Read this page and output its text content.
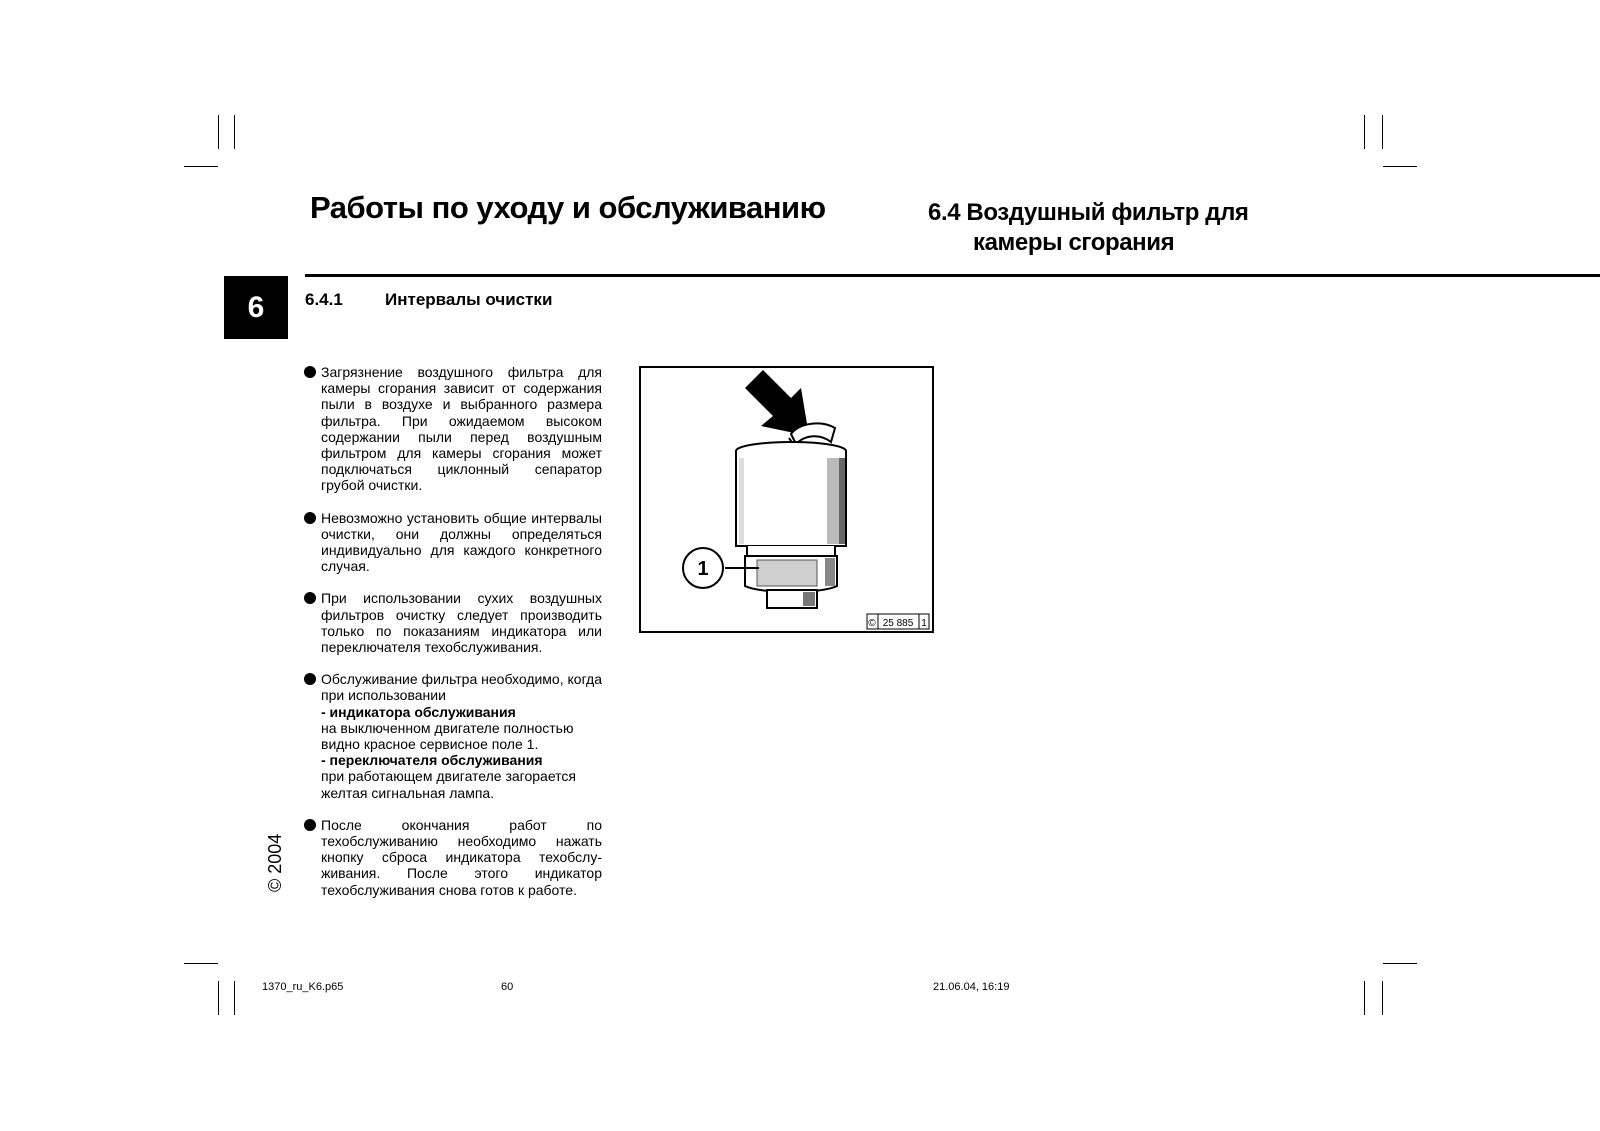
Работы по уходу и обслуживанию	6.4 Воздушный фильтр для
камеры сгорания
6	6.4.1 Интервалы очистки
Загрязнение воздушного фильтра для камеры сгорания зависит от содержания пыли в воздухе и выбранного размера фильтра. При ожидаемом высоком содержании пыли перед воздушным фильтром для камеры сгорания может подключаться циклонный сепаратор грубой очистки.
Невозможно установить общие интервалы очистки, они должны определяться индивидуально для каждого конкретного случая.
При использовании сухих воздушных фильтров очистку следует производить только по показаниям индикатора или переключателя техобслуживания.
Обслуживание фильтра необходимо, когда при использовании
- индикатора обслуживания
на выключенном двигателе полностью видно красное сервисное поле 1.
- переключателя обслуживания
при работающем двигателе загорается желтая сигнальная лампа.
После окончания работ по техобслуживанию необходимо нажать кнопку сброса индикатора техобслу-живания. После этого индикатор техобслуживания снова готов к работе.
1
© 25 885 1
© 2004
1370_ru_K6.p65	60	21.06.04, 16:19
